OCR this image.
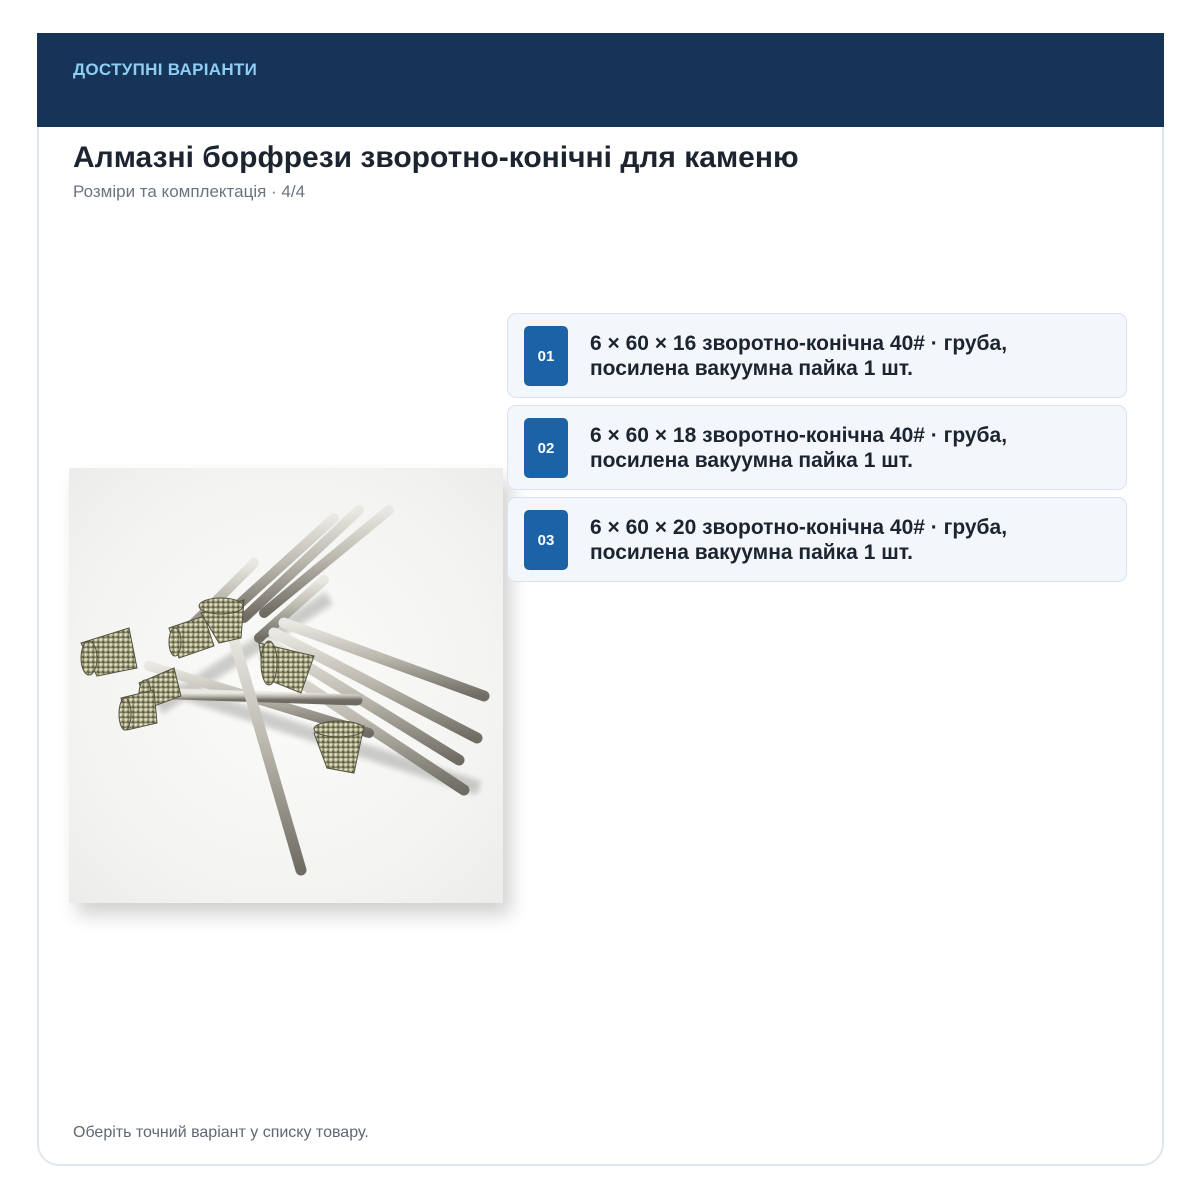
ДОСТУПНІ ВАРІАНТИ
Алмазні борфрези зворотно-конічні для каменю
Розміри та комплектація · 4/4
01
6 × 60 × 16 зворотно-конічна 40# · груба, посилена вакуумна пайка 1 шт.
02
6 × 60 × 18 зворотно-конічна 40# · груба, посилена вакуумна пайка 1 шт.
03
6 × 60 × 20 зворотно-конічна 40# · груба, посилена вакуумна пайка 1 шт.
Оберіть точний варіант у списку товару.
